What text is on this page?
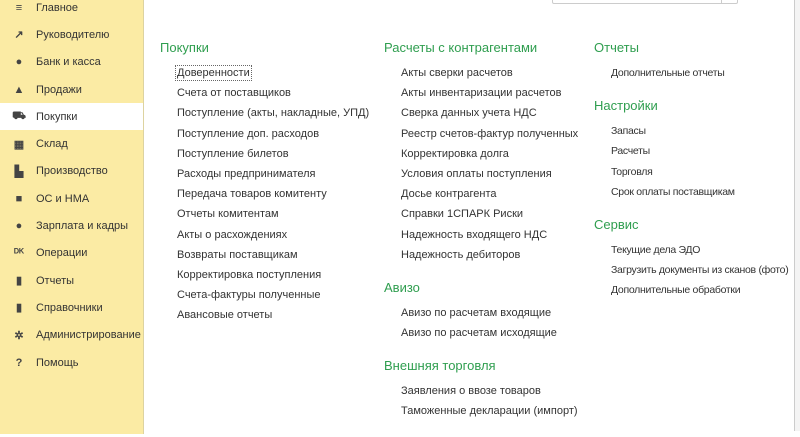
≡	Главное
↗ Руководителю
●	Банк и касса
▲ Продажи
⛟ Покупки
▦ Склад
▙ Производство
■	ОС и НМА
●	Зарплата и кадры
ᴰᴷ Операции
▮	Отчеты
▮	Справочники
✲ Администрирование
?	Помощь
Покупки
Доверенности
Счета от поставщиков
Поступление (акты, накладные, УПД)
Поступление доп. расходов
Поступление билетов
Расходы предпринимателя
Передача товаров комитенту
Отчеты комитентам
Акты о расхождениях
Возвраты поставщикам
Корректировка поступления
Счета-фактуры полученные
Авансовые отчеты
Расчеты с контрагентами
Акты сверки расчетов
Акты инвентаризации расчетов
Сверка данных учета НДС
Реестр счетов-фактур полученных
Корректировка долга
Условия оплаты поступления
Досье контрагента
Справки 1СПАРК Риски
Надежность входящего НДС
Надежность дебиторов
Авизо
Авизо по расчетам входящие
Авизо по расчетам исходящие
Внешняя торговля
Заявления о ввозе товаров
Таможенные декларации (импорт)
Отчеты
Дополнительные отчеты
Настройки
Запасы
Расчеты
Торговля
Срок оплаты поставщикам
Сервис
Текущие дела ЭДО
Загрузить документы из сканов (фото)
Дополнительные обработки
